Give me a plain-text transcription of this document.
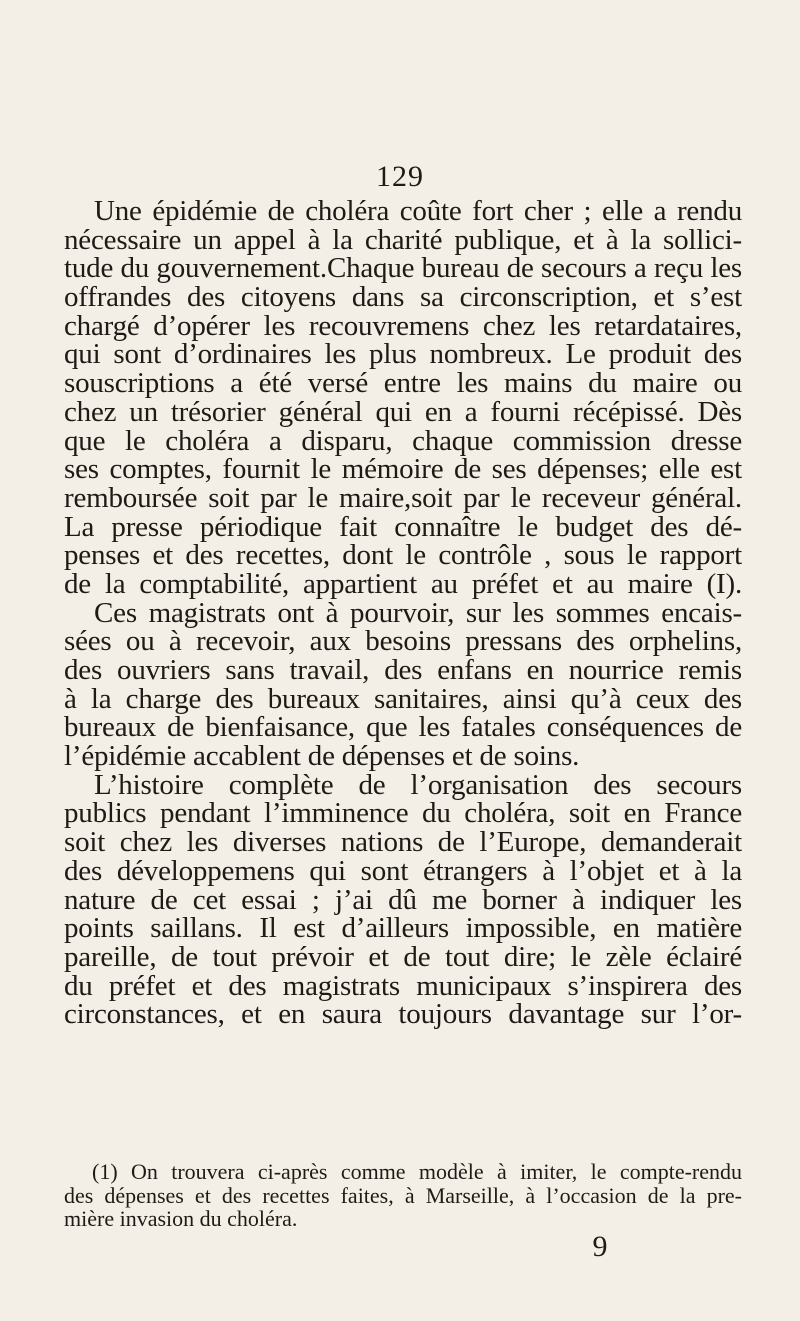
129
Une épidémie de choléra coûte fort cher ; elle a rendu
nécessaire un appel à la charité publique, et à la sollici-
tude du gouvernement.Chaque bureau de secours a reçu les
offrandes des citoyens dans sa circonscription, et s’est
chargé d’opérer les recouvremens chez les retardataires,
qui sont d’ordinaires les plus nombreux. Le produit des
souscriptions a été versé entre les mains du maire ou
chez un trésorier général qui en a fourni récépissé. Dès
que le choléra a disparu, chaque commission dresse
ses comptes, fournit le mémoire de ses dépenses; elle est
remboursée soit par le maire,soit par le receveur général.
La presse périodique fait connaître le budget des dé-
penses et des recettes, dont le contrôle , sous le rapport
de la comptabilité, appartient au préfet et au maire (I).
Ces magistrats ont à pourvoir, sur les sommes encais-
sées ou à recevoir, aux besoins pressans des orphelins,
des ouvriers sans travail, des enfans en nourrice remis
à la charge des bureaux sanitaires, ainsi qu’à ceux des
bureaux de bienfaisance, que les fatales conséquences de
l’épidémie accablent de dépenses et de soins.
L’histoire complète de l’organisation des secours
publics pendant l’imminence du choléra, soit en France
soit chez les diverses nations de l’Europe, demanderait
des développemens qui sont étrangers à l’objet et à la
nature de cet essai ; j’ai dû me borner à indiquer les
points saillans. Il est d’ailleurs impossible, en matière
pareille, de tout prévoir et de tout dire; le zèle éclairé
du préfet et des magistrats municipaux s’inspirera des
circonstances, et en saura toujours davantage sur l’or-
(1) On trouvera ci-après comme modèle à imiter, le compte-rendu
des dépenses et des recettes faites, à Marseille, à l’occasion de la pre-
mière invasion du choléra.
9
